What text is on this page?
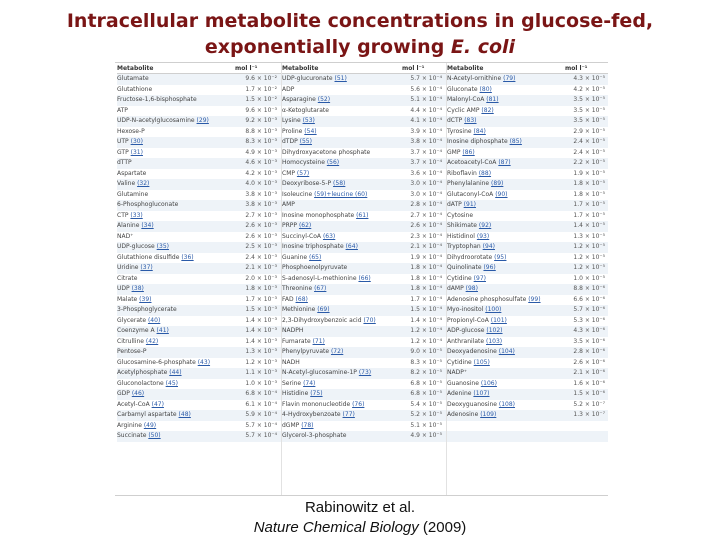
Intracellular metabolite concentrations in glucose-fed,
exponentially growing E. coli
Metabolite	mol l⁻¹
Glutamate	9.6 × 10⁻²
Glutathione	1.7 × 10⁻²
Fructose-1,6-bisphosphate	1.5 × 10⁻²
ATP	9.6 × 10⁻³
UDP-N-acetylglucosamine (29)	9.2 × 10⁻³
Hexose-P	8.8 × 10⁻³
UTP (30)	8.3 × 10⁻³
GTP (31)	4.9 × 10⁻³
dTTP	4.6 × 10⁻³
Aspartate	4.2 × 10⁻³
Valine (32)	4.0 × 10⁻³
Glutamine	3.8 × 10⁻³
6-Phosphogluconate	3.8 × 10⁻³
CTP (33)	2.7 × 10⁻³
Alanine (34)	2.6 × 10⁻³
NAD⁺	2.6 × 10⁻³
UDP-glucose (35)	2.5 × 10⁻³
Glutathione disulfide (36)	2.4 × 10⁻³
Uridine (37)	2.1 × 10⁻³
Citrate	2.0 × 10⁻³
UDP (38)	1.8 × 10⁻³
Malate (39)	1.7 × 10⁻³
3-Phosphoglycerate	1.5 × 10⁻³
Glycerate (40)	1.4 × 10⁻³
Coenzyme A (41)	1.4 × 10⁻³
Citrulline (42)	1.4 × 10⁻³
Pentose-P	1.3 × 10⁻³
Glucosamine-6-phosphate (43)	1.2 × 10⁻³
Acetylphosphate (44)	1.1 × 10⁻³
Gluconolactone (45)	1.0 × 10⁻³
GDP (46)	6.8 × 10⁻⁴
Acetyl-CoA (47)	6.1 × 10⁻⁴
Carbamyl aspartate (48)	5.9 × 10⁻⁴
Arginine (49)	5.7 × 10⁻⁴
Succinate (50)	5.7 × 10⁻⁴
Metabolite	mol l⁻¹
UDP-glucuronate (51)	5.7 × 10⁻⁴
ADP	5.6 × 10⁻⁴
Asparagine (52)	5.1 × 10⁻⁴
α-Ketoglutarate	4.4 × 10⁻⁴
Lysine (53)	4.1 × 10⁻⁴
Proline (54)	3.9 × 10⁻⁴
dTDP (55)	3.8 × 10⁻⁴
Dihydroxyacetone phosphate	3.7 × 10⁻⁴
Homocysteine (56)	3.7 × 10⁻⁴
CMP (57)	3.6 × 10⁻⁴
Deoxyribose-5-P (58)	3.0 × 10⁻⁴
Isoleucine (59)+leucine (60)	3.0 × 10⁻⁴
AMP	2.8 × 10⁻⁴
Inosine monophosphate (61)	2.7 × 10⁻⁴
PRPP (62)	2.6 × 10⁻⁴
Succinyl-CoA (63)	2.3 × 10⁻⁴
Inosine triphosphate (64)	2.1 × 10⁻⁴
Guanine (65)	1.9 × 10⁻⁴
Phosphoenolpyruvate	1.8 × 10⁻⁴
S-adenosyl-L-methionine (66)	1.8 × 10⁻⁴
Threonine (67)	1.8 × 10⁻⁴
FAD (68)	1.7 × 10⁻⁴
Methionine (69)	1.5 × 10⁻⁴
2,3-Dihydroxybenzoic acid (70)	1.4 × 10⁻⁴
NADPH	1.2 × 10⁻⁴
Fumarate (71)	1.2 × 10⁻⁴
Phenylpyruvate (72)	9.0 × 10⁻⁵
NADH	8.3 × 10⁻⁵
N-Acetyl-glucosamine-1P (73)	8.2 × 10⁻⁵
Serine (74)	6.8 × 10⁻⁵
Histidine (75)	6.8 × 10⁻⁵
Flavin mononucleotide (76)	5.4 × 10⁻⁵
4-Hydroxybenzoate (77)	5.2 × 10⁻⁵
dGMP (78)	5.1 × 10⁻⁵
Glycerol-3-phosphate	4.9 × 10⁻⁵
Metabolite	mol l⁻¹
N-Acetyl-ornithine (79)	4.3 × 10⁻⁵
Gluconate (80)	4.2 × 10⁻⁵
Malonyl-CoA (81)	3.5 × 10⁻⁵
Cyclic AMP (82)	3.5 × 10⁻⁵
dCTP (83)	3.5 × 10⁻⁵
Tyrosine (84)	2.9 × 10⁻⁵
Inosine diphosphate (85)	2.4 × 10⁻⁵
GMP (86)	2.4 × 10⁻⁵
Acetoacetyl-CoA (87)	2.2 × 10⁻⁵
Riboflavin (88)	1.9 × 10⁻⁵
Phenylalanine (89)	1.8 × 10⁻⁵
Glutaconyl-CoA (90)	1.8 × 10⁻⁵
dATP (91)	1.7 × 10⁻⁵
Cytosine	1.7 × 10⁻⁵
Shikimate (92)	1.4 × 10⁻⁵
Histidinol (93)	1.3 × 10⁻⁵
Tryptophan (94)	1.2 × 10⁻⁵
Dihydroorotate (95)	1.2 × 10⁻⁵
Quinolinate (96)	1.2 × 10⁻⁵
Cytidine (97)	1.0 × 10⁻⁵
dAMP (98)	8.8 × 10⁻⁶
Adenosine phosphosulfate (99)	6.6 × 10⁻⁶
Myo-inositol (100)	5.7 × 10⁻⁶
Propionyl-CoA (101)	5.3 × 10⁻⁶
ADP-glucose (102)	4.3 × 10⁻⁶
Anthranilate (103)	3.5 × 10⁻⁶
Deoxyadenosine (104)	2.8 × 10⁻⁶
Cytidine (105)	2.6 × 10⁻⁶
NADP⁺	2.1 × 10⁻⁶
Guanosine (106)	1.6 × 10⁻⁶
Adenine (107)	1.5 × 10⁻⁶
Deoxyguanosine (108)	5.2 × 10⁻⁷
Adenosine (109)	1.3 × 10⁻⁷
Rabinowitz et al.
Nature Chemical Biology (2009)
